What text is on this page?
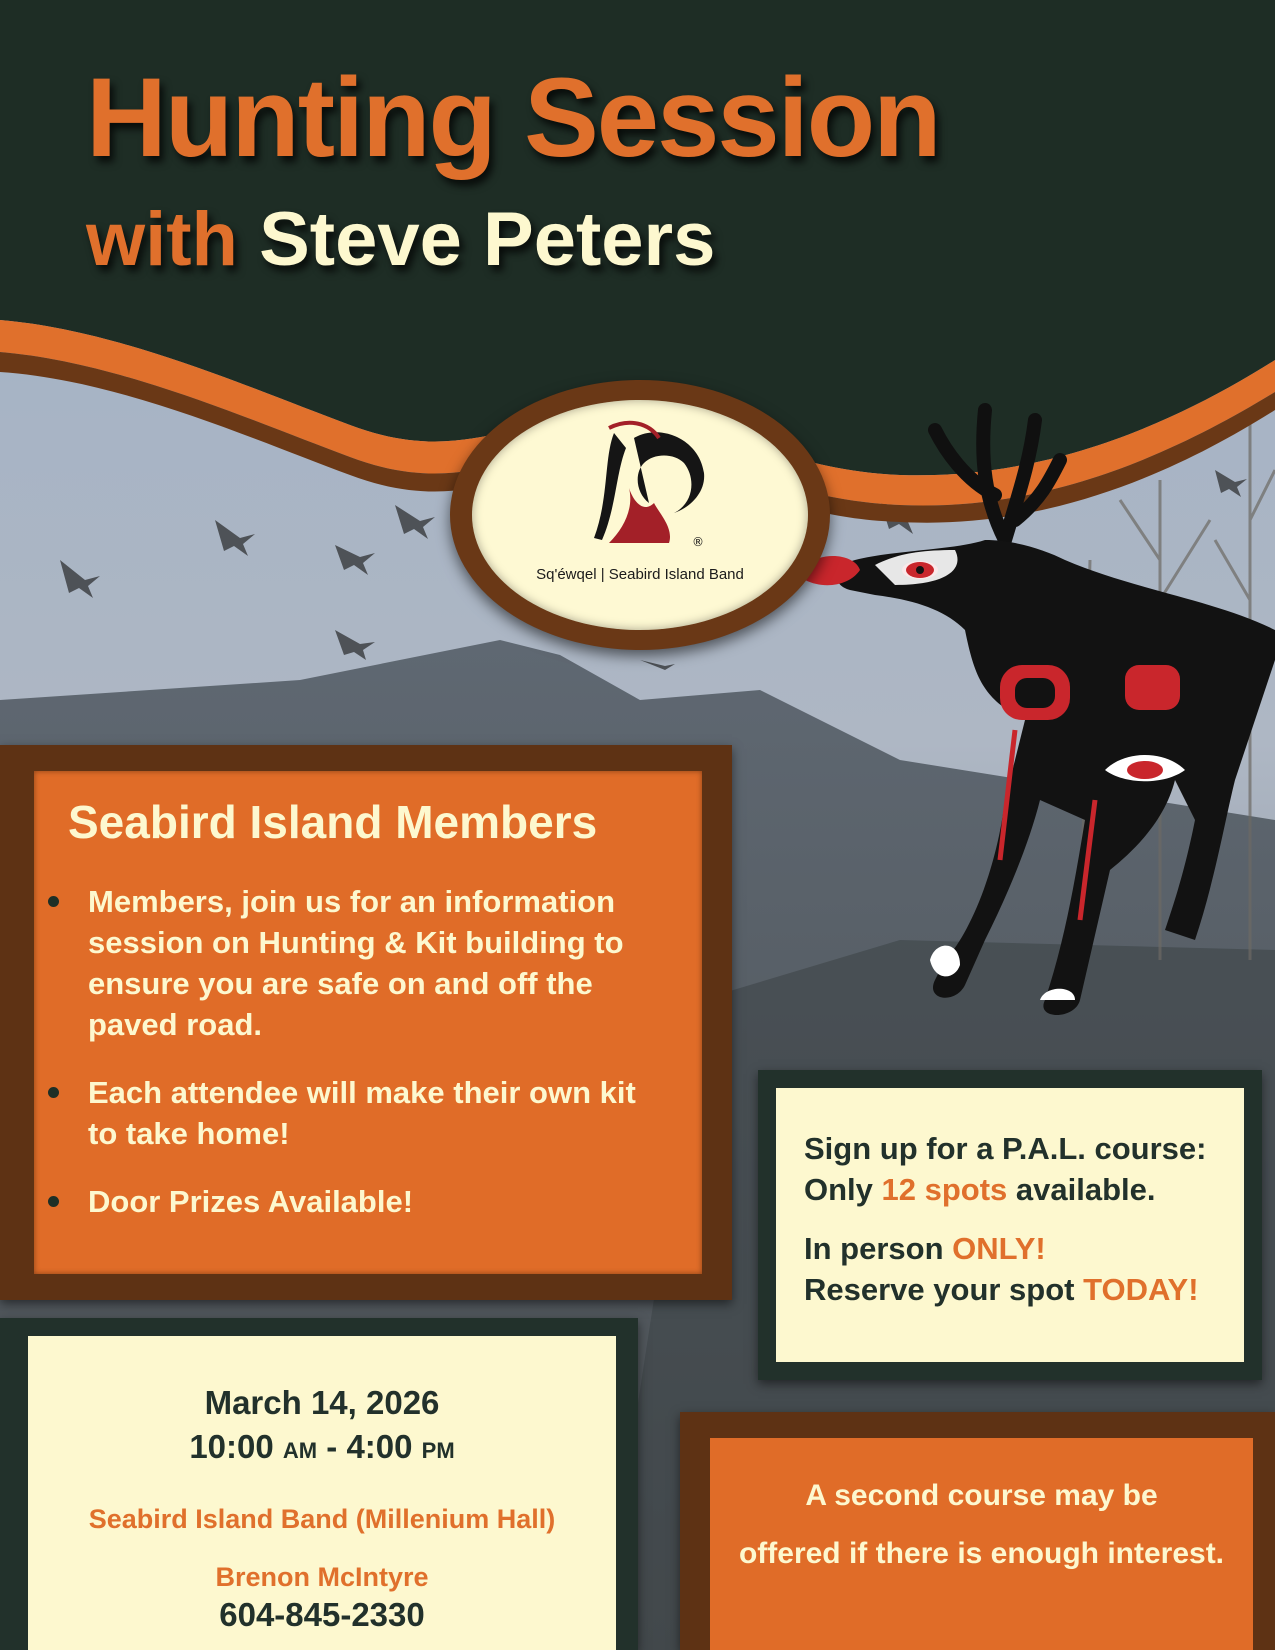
Hunting Session
with Steve Peters
®
Sq'éwqel | Seabird Island Band
Seabird Island Members
Members, join us for an information session on Hunting & Kit building to ensure you are safe on and off the paved road.
Each attendee will make their own kit to take home!
Door Prizes Available!

Sign up for a P.A.L. course:

Only 12 spots available.

In person ONLY!

Reserve your spot TODAY!

March 14, 2026

10:00 AM - 4:00 PM

Seabird Island Band (Millenium Hall)

Brenon McIntyre

604-845-2330

A second course may be

offered if there is enough interest.
